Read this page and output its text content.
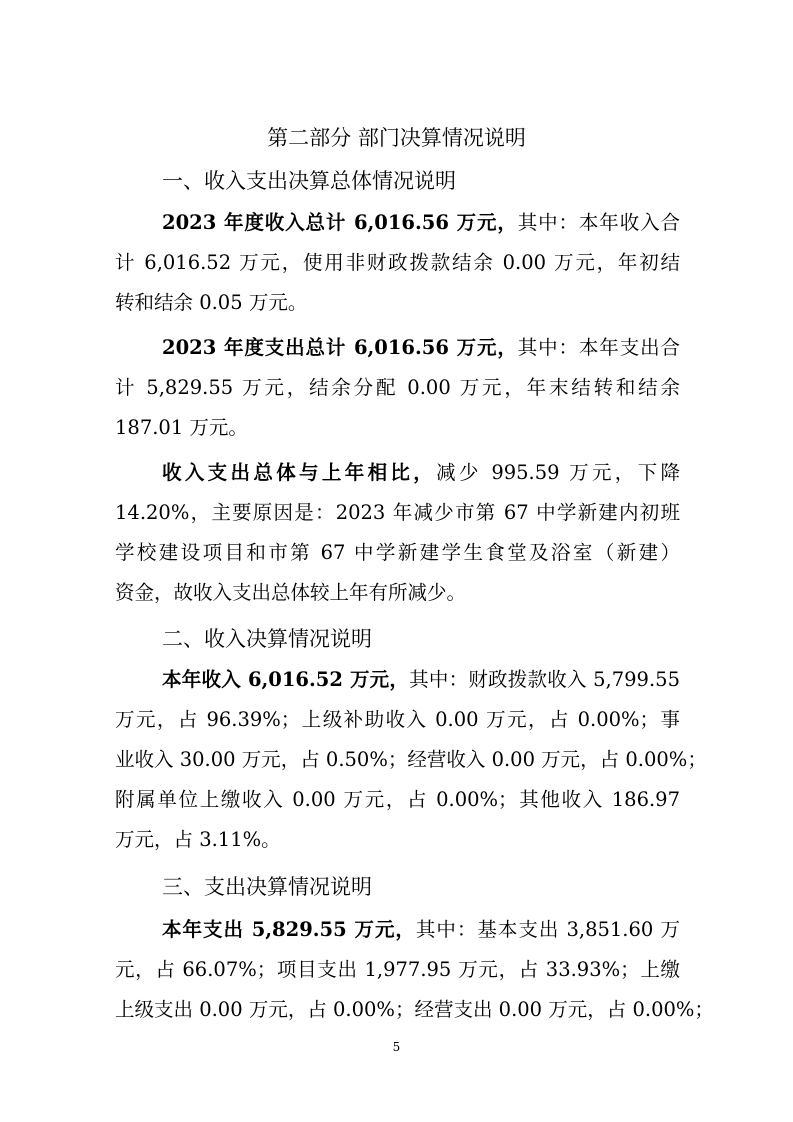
第二部分 部门决算情况说明
一、收入支出决算总体情况说明
2023 年度收入总计 6,016.56 万元，其中：本年收入合
计 6,016.52 万元，使用非财政拨款结余 0.00 万元，年初结
转和结余 0.05 万元。
2023 年度支出总计 6,016.56 万元，其中：本年支出合
计 5,829.55 万元，结余分配 0.00 万元，年末结转和结余
187.01 万元。
收入支出总体与上年相比，减少 995.59 万元，下降
14.20%，主要原因是：2023 年减少市第 67 中学新建内初班
学校建设项目和市第 67 中学新建学生食堂及浴室（新建）
资金，故收入支出总体较上年有所减少。
二、收入决算情况说明
本年收入 6,016.52 万元，其中：财政拨款收入 5,799.55
万元，占 96.39%；上级补助收入 0.00 万元，占 0.00%；事
业收入 30.00 万元，占 0.50%；经营收入 0.00 万元，占 0.00%；
附属单位上缴收入 0.00 万元，占 0.00%；其他收入 186.97
万元，占 3.11%。
三、支出决算情况说明
本年支出 5,829.55 万元，其中：基本支出 3,851.60 万
元，占 66.07%；项目支出 1,977.95 万元，占 33.93%；上缴
上级支出 0.00 万元，占 0.00%；经营支出 0.00 万元，占 0.00%；
5
